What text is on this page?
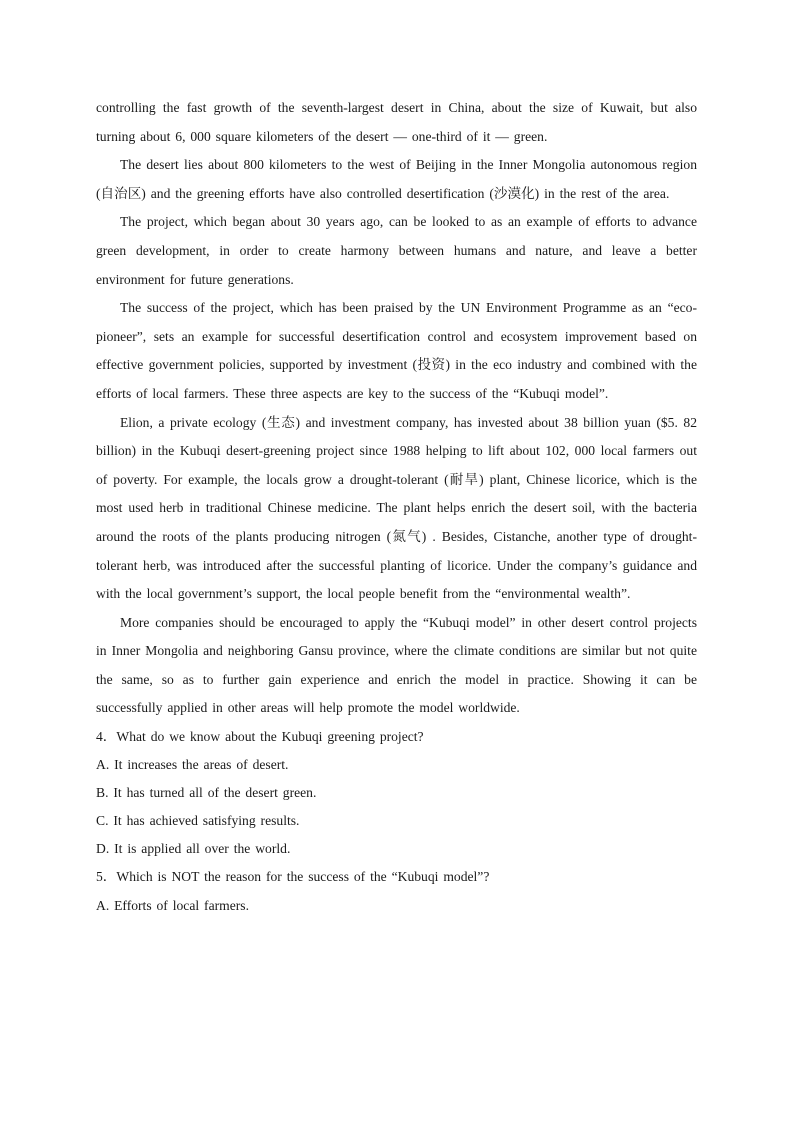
controlling the fast growth of the seventh-largest desert in China, about the size of Kuwait, but also turning about 6, 000 square kilometers of the desert — one-third of it — green.

The desert lies about 800 kilometers to the west of Beijing in the Inner Mongolia autonomous region (自治区) and the greening efforts have also controlled desertification (沙漠化) in the rest of the area.

The project, which began about 30 years ago, can be looked to as an example of efforts to advance green development, in order to create harmony between humans and nature, and leave a better environment for future generations.

The success of the project, which has been praised by the UN Environment Programme as an “eco-pioneer”, sets an example for successful desertification control and ecosystem improvement based on effective government policies, supported by investment (投资) in the eco industry and combined with the efforts of local farmers. These three aspects are key to the success of the “Kubuqi model”.

Elion, a private ecology (生态) and investment company, has invested about 38 billion yuan ($5. 82 billion) in the Kubuqi desert-greening project since 1988 helping to lift about 102, 000 local farmers out of poverty. For example, the locals grow a drought-tolerant (耐旱) plant, Chinese licorice, which is the most used herb in traditional Chinese medicine. The plant helps enrich the desert soil, with the bacteria around the roots of the plants producing nitrogen (氮气) . Besides, Cistanche, another type of drought-tolerant herb, was introduced after the successful planting of licorice. Under the company’s guidance and with the local government’s support, the local people benefit from the “environmental wealth”.

More companies should be encouraged to apply the “Kubuqi model” in other desert control projects in Inner Mongolia and neighboring Gansu province, where the climate conditions are similar but not quite the same, so as to further gain experience and enrich the model in practice. Showing it can be successfully applied in other areas will help promote the model worldwide.

4．What do we know about the Kubuqi greening project?

A. It increases the areas of desert.
B. It has turned all of the desert green.
C. It has achieved satisfying results.
D. It is applied all over the world.

5．Which is NOT the reason for the success of the “Kubuqi model”?

A. Efforts of local farmers.
